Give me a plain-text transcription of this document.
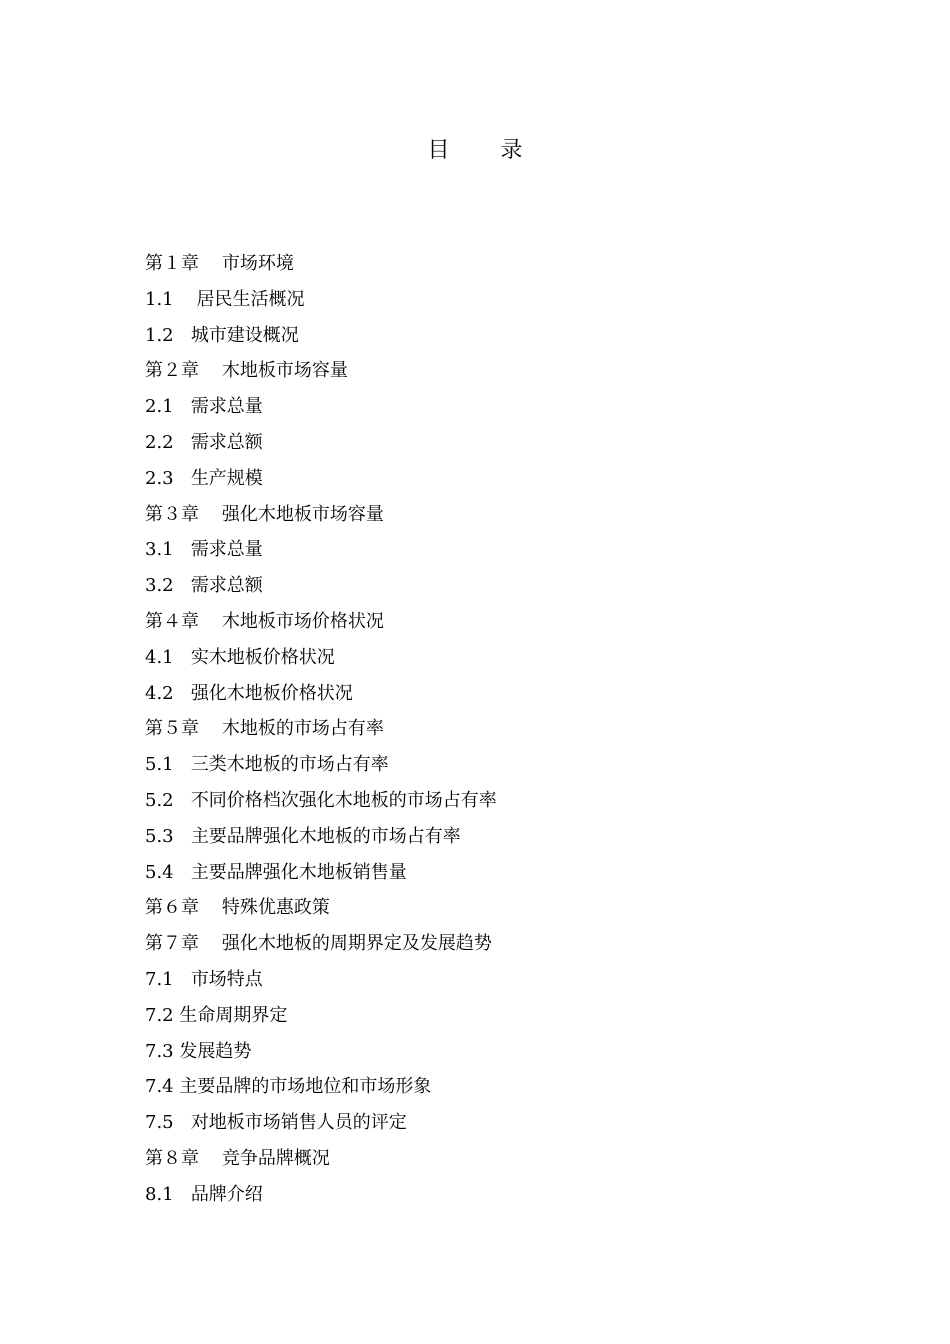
目 录
第１章 市场环境
1.1 居民生活概况
1.2 城市建设概况
第２章 木地板市场容量
2.1 需求总量
2.2 需求总额
2.3 生产规模
第３章 强化木地板市场容量
3.1 需求总量
3.2 需求总额
第４章 木地板市场价格状况
4.1 实木地板价格状况
4.2 强化木地板价格状况
第５章 木地板的市场占有率
5.1 三类木地板的市场占有率
5.2 不同价格档次强化木地板的市场占有率
5.3 主要品牌强化木地板的市场占有率
5.4 主要品牌强化木地板销售量
第６章 特殊优惠政策
第７章 强化木地板的周期界定及发展趋势
7.1 市场特点
7.2 生命周期界定
7.3 发展趋势
7.4 主要品牌的市场地位和市场形象
7.5 对地板市场销售人员的评定
第８章 竞争品牌概况
8.1 品牌介绍
